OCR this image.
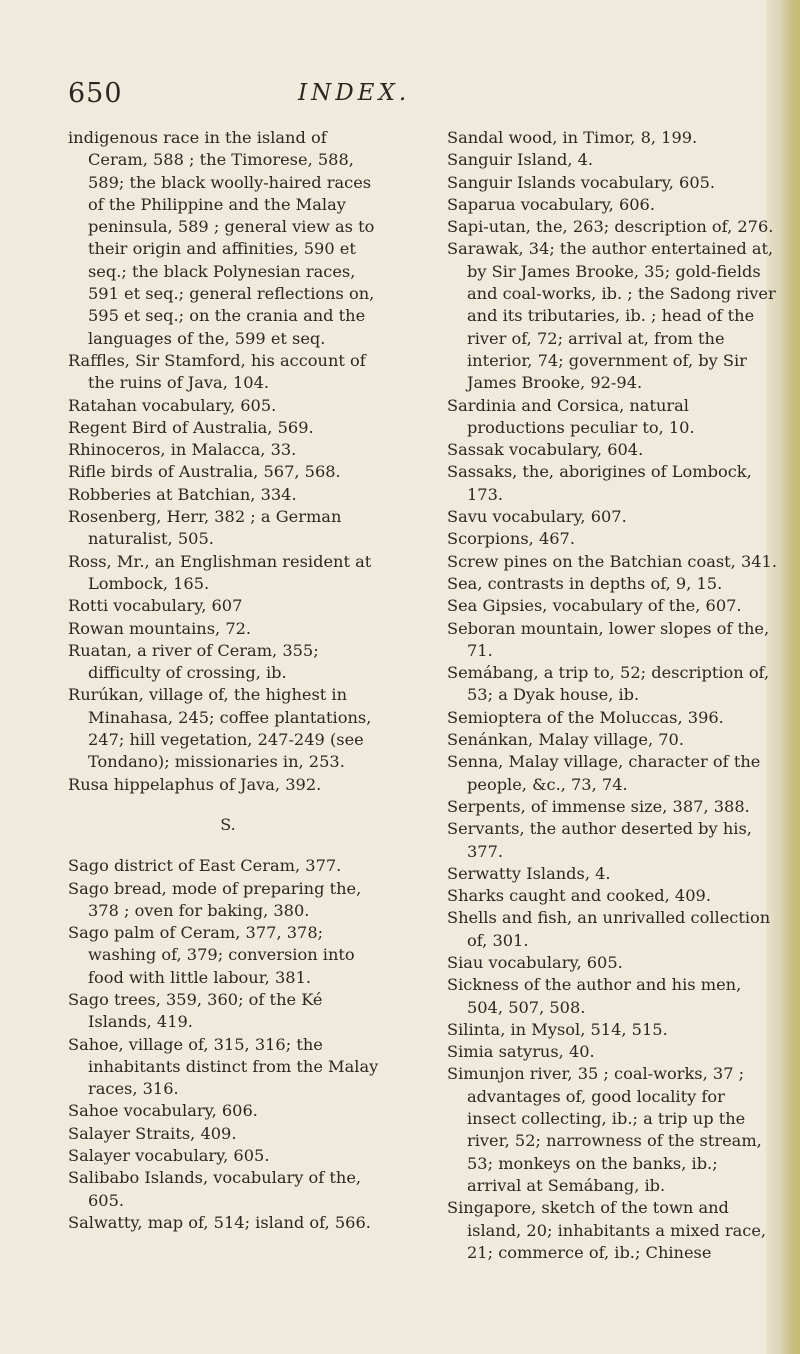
650	INDEX.

indigenous race in the island of Ceram, 588 ; the Timorese, 588, 589; the black woolly-haired races of the Philippine and the Malay peninsula, 589 ; general view as to their origin and affinities, 590 et seq.; the black Polynesian races, 591 et seq.; general reflections on, 595 et seq.; on the crania and the languages of the, 599 et seq.

Raffles, Sir Stamford, his account of the ruins of Java, 104.

Ratahan vocabulary, 605.

Regent Bird of Australia, 569.

Rhinoceros, in Malacca, 33.

Rifle birds of Australia, 567, 568.

Robberies at Batchian, 334.

Rosenberg, Herr, 382 ; a German naturalist, 505.

Ross, Mr., an Englishman resident at Lombock, 165.

Rotti vocabulary, 607

Rowan mountains, 72.

Ruatan, a river of Ceram, 355; difficulty of crossing, ib.

Rurúkan, village of, the highest in Minahasa, 245; coffee plantations, 247; hill vegetation, 247-249 (see Tondano); missionaries in, 253.

Rusa hippelaphus of Java, 392.

S.

Sago district of East Ceram, 377.

Sago bread, mode of preparing the, 378 ; oven for baking, 380.

Sago palm of Ceram, 377, 378; washing of, 379; conversion into food with little labour, 381.

Sago trees, 359, 360; of the Ké Islands, 419.

Sahoe, village of, 315, 316; the inhabitants distinct from the Malay races, 316.

Sahoe vocabulary, 606.

Salayer Straits, 409.

Salayer vocabulary, 605.

Salibabo Islands, vocabulary of the, 605.

Salwatty, map of, 514; island of, 566.

Sandal wood, in Timor, 8, 199.

Sanguir Island, 4.

Sanguir Islands vocabulary, 605.

Saparua vocabulary, 606.

Sapi-utan, the, 263; description of, 276.

Sarawak, 34; the author entertained at, by Sir James Brooke, 35; gold-fields and coal-works, ib. ; the Sadong river and its tributaries, ib. ; head of the river of, 72; arrival at, from the interior, 74; government of, by Sir James Brooke, 92-94.

Sardinia and Corsica, natural productions peculiar to, 10.

Sassak vocabulary, 604.

Sassaks, the, aborigines of Lombock, 173.

Savu vocabulary, 607.

Scorpions, 467.

Screw pines on the Batchian coast, 341.

Sea, contrasts in depths of, 9, 15.

Sea Gipsies, vocabulary of the, 607.

Seboran mountain, lower slopes of the, 71.

Semábang, a trip to, 52; description of, 53; a Dyak house, ib.

Semioptera of the Moluccas, 396.

Senánkan, Malay village, 70.

Senna, Malay village, character of the people, &c., 73, 74.

Serpents, of immense size, 387, 388.

Servants, the author deserted by his, 377.

Serwatty Islands, 4.

Sharks caught and cooked, 409.

Shells and fish, an unrivalled collection of, 301.

Siau vocabulary, 605.

Sickness of the author and his men, 504, 507, 508.

Silinta, in Mysol, 514, 515.

Simia satyrus, 40.

Simunjon river, 35 ; coal-works, 37 ; advantages of, good locality for insect collecting, ib.; a trip up the river, 52; narrowness of the stream, 53; monkeys on the banks, ib.; arrival at Semábang, ib.

Singapore, sketch of the town and island, 20; inhabitants a mixed race, 21; commerce of, ib.; Chinese
